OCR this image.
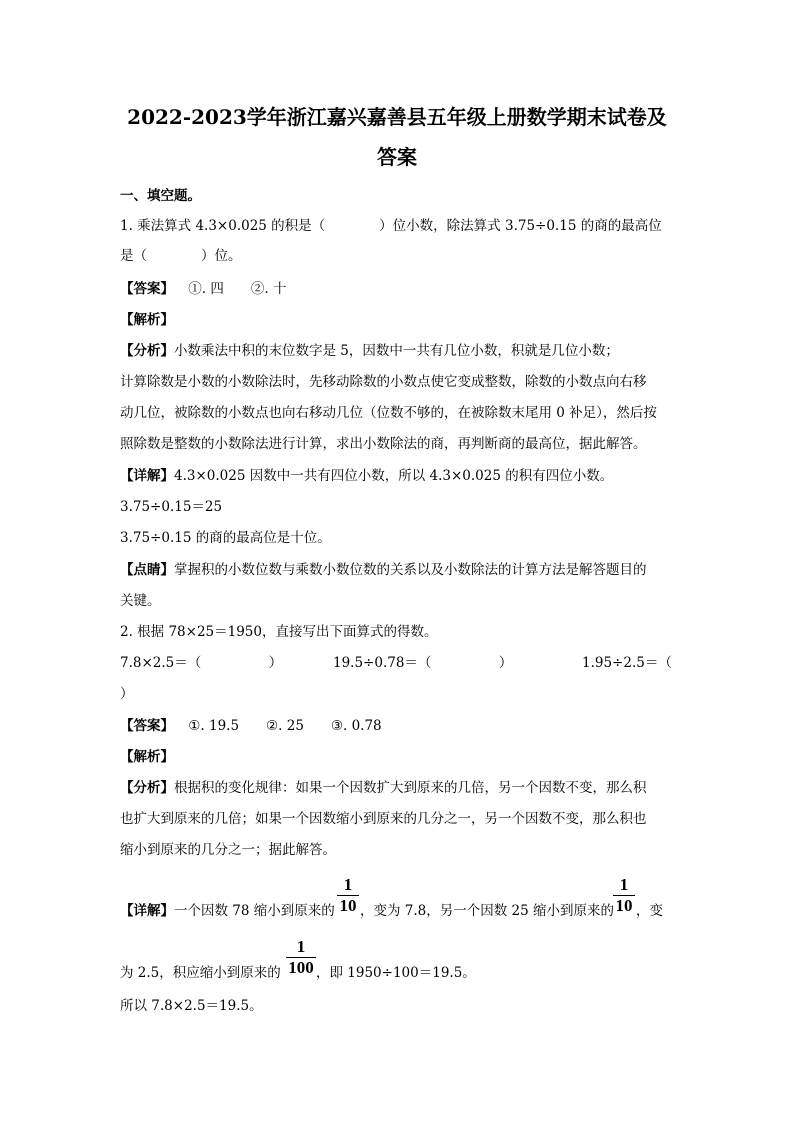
2022-2023学年浙江嘉兴嘉善县五年级上册数学期末试卷及
答案
一、填空题。
1. 乘法算式 4.3×0.025 的积是（　　　　）位小数，除法算式 3.75÷0.15 的商的最高位
是（　　　　）位。
【答案】 ①. 四　　②. 十
【解析】
【分析】小数乘法中积的末位数字是 5，因数中一共有几位小数，积就是几位小数；
计算除数是小数的小数除法时，先移动除数的小数点使它变成整数，除数的小数点向右移
动几位，被除数的小数点也向右移动几位（位数不够的，在被除数末尾用 0 补足），然后按
照除数是整数的小数除法进行计算，求出小数除法的商，再判断商的最高位，据此解答。
【详解】4.3×0.025 因数中一共有四位小数，所以 4.3×0.025 的积有四位小数。
3.75÷0.15＝25
3.75÷0.15 的商的最高位是十位。
【点睛】掌握积的小数位数与乘数小数位数的关系以及小数除法的计算方法是解答题目的
关键。
2. 根据 78×25＝1950，直接写出下面算式的得数。
7.8×2.5＝（　　　　　）	19.5÷0.78＝（　　　　　）	1.95÷2.5＝（
）
【答案】 ①. 19.5　　②. 25　　③. 0.78
【解析】
【分析】根据积的变化规律：如果一个因数扩大到原来的几倍，另一个因数不变，那么积
也扩大到原来的几倍；如果一个因数缩小到原来的几分之一，另一个因数不变，那么积也
缩小到原来的几分之一；据此解答。
【详解】一个因数 78 缩小到原来的
1
10 ，变为 7.8，另一个因数 25 缩小到原来的
1
10 ，变
为 2.5，积应缩小到原来的
1
100 ，即 1950÷100＝19.5。
所以 7.8×2.5＝19.5。
